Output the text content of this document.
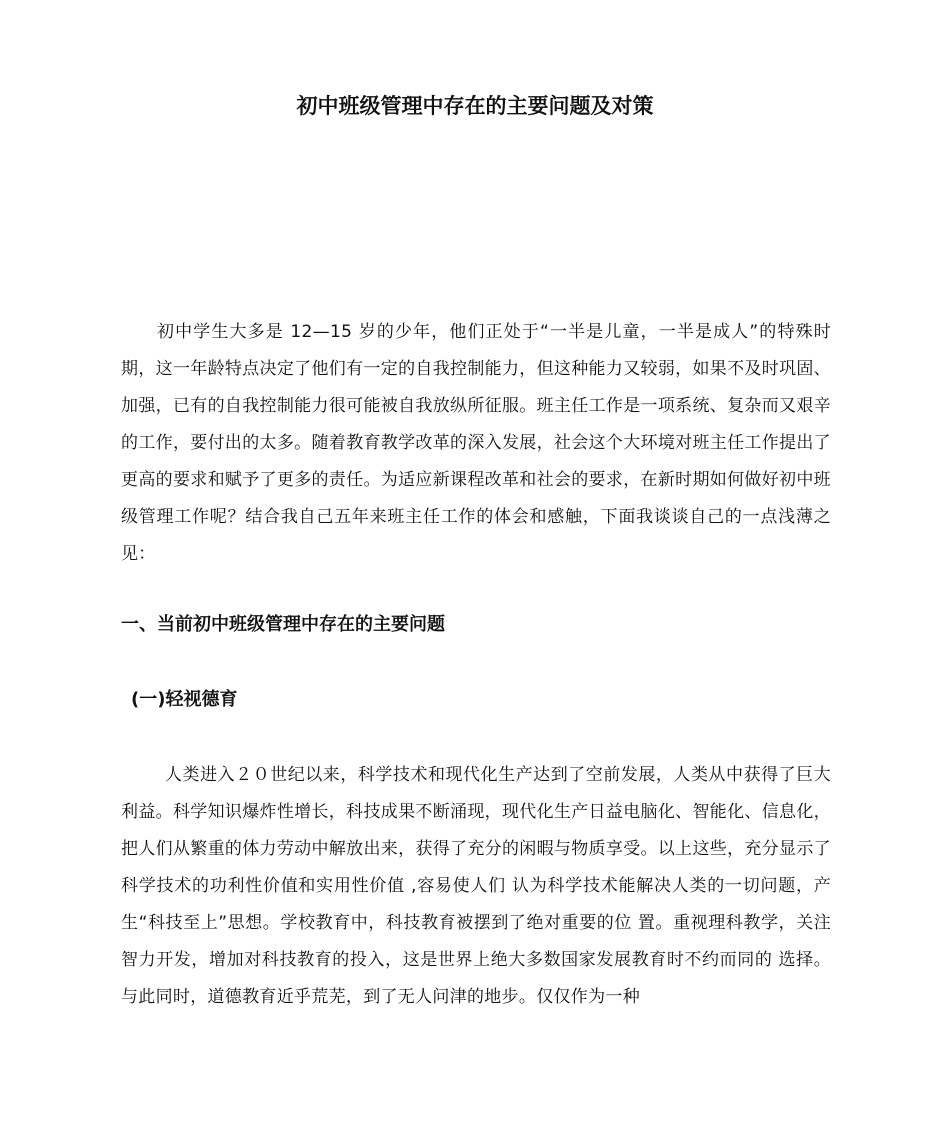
初中班级管理中存在的主要问题及对策

初中学生大多是 12—15 岁的少年，他们正处于“一半是儿童，一半是成人”的特殊时期，这一年龄特点决定了他们有一定的自我控制能力，但这种能力又较弱，如果不及时巩固、加强，已有的自我控制能力很可能被自我放纵所征服。班主任工作是一项系统、复杂而又艰辛的工作，要付出的太多。随着教育教学改革的深入发展，社会这个大环境对班主任工作提出了更高的要求和赋予了更多的责任。为适应新课程改革和社会的要求，在新时期如何做好初中班级管理工作呢？结合我自己五年来班主任工作的体会和感触，下面我谈谈自己的一点浅薄之见：

一、当前初中班级管理中存在的主要问题
(一)轻视德育

人类进入２０世纪以来，科学技术和现代化生产达到了空前发展，人类从中获得了巨大利益。科学知识爆炸性增长，科技成果不断涌现，现代化生产日益电脑化、智能化、信息化，把人们从繁重的体力劳动中解放出来，获得了充分的闲暇与物质享受。以上这些，充分显示了科学技术的功利性价值和实用性价值 ,容易使人们 认为科学技术能解决人类的一切问题，产生“科技至上”思想。学校教育中，科技教育被摆到了绝对重要的位 置。重视理科教学，关注智力开发，增加对科技教育的投入，这是世界上绝大多数国家发展教育时不约而同的 选择。与此同时，道德教育近乎荒芜，到了无人问津的地步。仅仅作为一种
